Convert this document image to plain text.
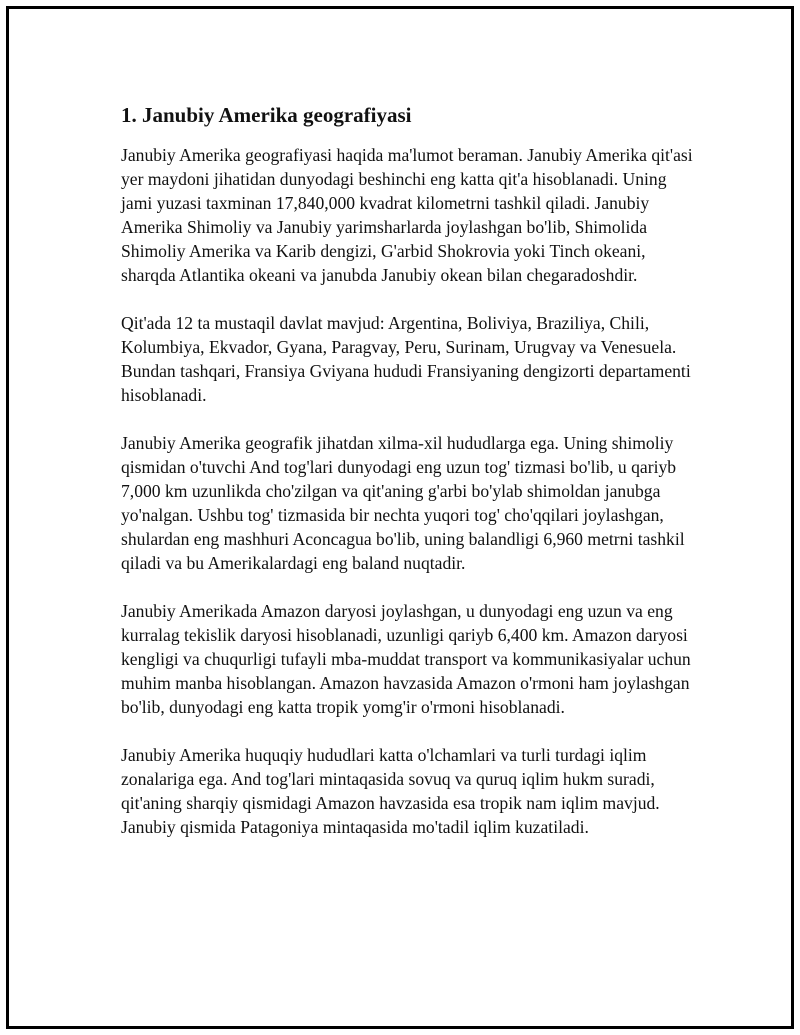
1. Janubiy Amerika geografiyasi

Janubiy Amerika geografiyasi haqida ma'lumot beraman. Janubiy Amerika qit'asi yer maydoni jihatidan dunyodagi beshinchi eng katta qit'a hisoblanadi. Uning jami yuzasi taxminan 17,840,000 kvadrat kilometrni tashkil qiladi. Janubiy Amerika Shimoliy va Janubiy yarimsharlarda joylashgan bo'lib, Shimolida Shimoliy Amerika va Karib dengizi, G'arbid Shokrovia yoki Tinch okeani, sharqda Atlantika okeani va janubda Janubiy okean bilan chegaradoshdir.

Qit'ada 12 ta mustaqil davlat mavjud: Argentina, Boliviya, Braziliya, Chili, Kolumbiya, Ekvador, Gyana, Paragvay, Peru, Surinam, Urugvay va Venesuela. Bundan tashqari, Fransiya Gviyana hududi Fransiyaning dengizorti departamenti hisoblanadi.

Janubiy Amerika geografik jihatdan xilma-xil hududlarga ega. Uning shimoliy qismidan o'tuvchi And tog'lari dunyodagi eng uzun tog' tizmasi bo'lib, u qariyb 7,000 km uzunlikda cho'zilgan va qit'aning g'arbi bo'ylab shimoldan janubga yo'nalgan. Ushbu tog' tizmasida bir nechta yuqori tog' cho'qqilari joylashgan, shulardan eng mashhuri Aconcagua bo'lib, uning balandligi 6,960 metrni tashkil qiladi va bu Amerikalardagi eng baland nuqtadir.

Janubiy Amerikada Amazon daryosi joylashgan, u dunyodagi eng uzun va eng kurralag tekislik daryosi hisoblanadi, uzunligi qariyb 6,400 km. Amazon daryosi kengligi va chuqurligi tufayli mba-muddat transport va kommunikasiyalar uchun muhim manba hisoblangan. Amazon havzasida Amazon o'rmoni ham joylashgan bo'lib, dunyodagi eng katta tropik yomg'ir o'rmoni hisoblanadi.

Janubiy Amerika huquqiy hududlari katta o'lchamlari va turli turdagi iqlim zonalariga ega. And tog'lari mintaqasida sovuq va quruq iqlim hukm suradi, qit'aning sharqiy qismidagi Amazon havzasida esa tropik nam iqlim mavjud. Janubiy qismida Patagoniya mintaqasida mo'tadil iqlim kuzatiladi.
